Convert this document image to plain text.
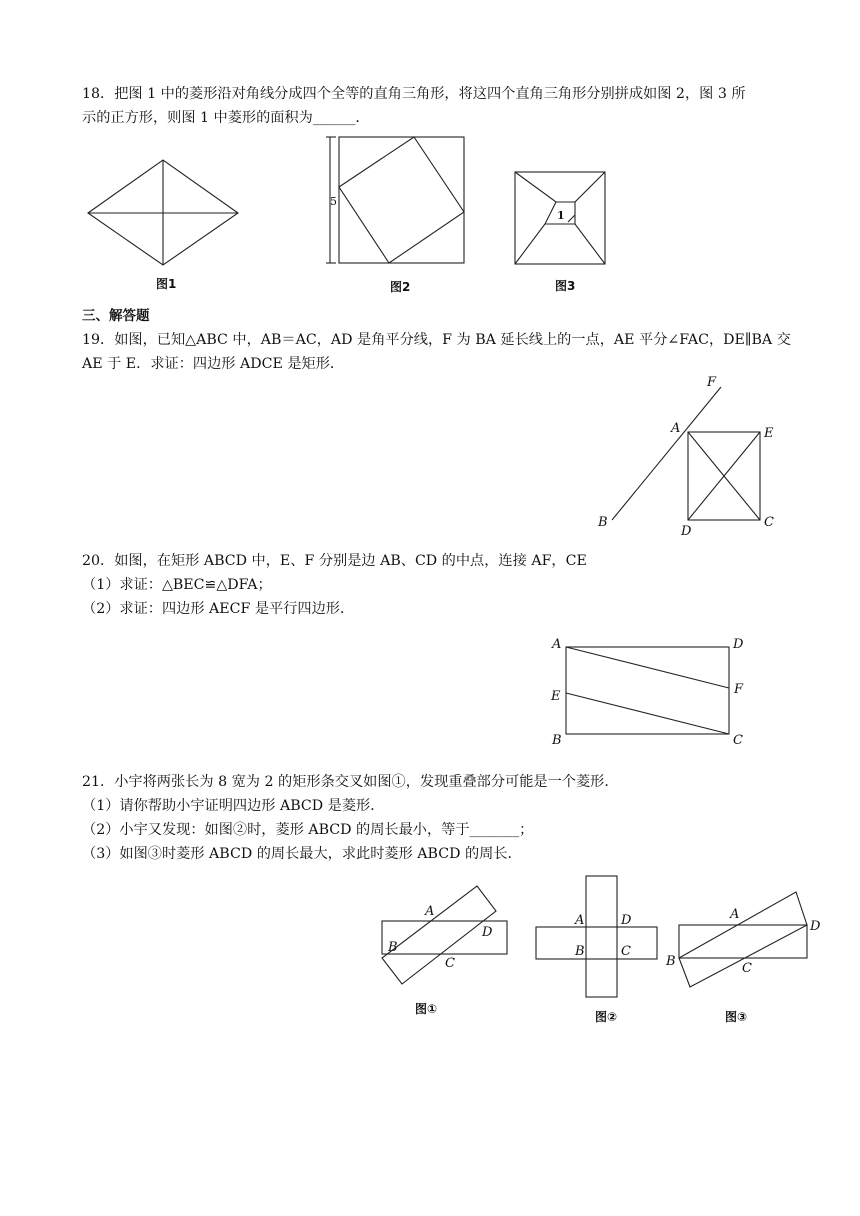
18．把图 1 中的菱形沿对角线分成四个全等的直角三角形，将这四个直角三角形分别拼成如图 2，图 3 所
示的正方形，则图 1 中菱形的面积为______．
图1
5
图2
1
图3
三、解答题
19．如图，已知△ABC 中，AB＝AC，AD 是角平分线，F 为 BA 延长线上的一点，AE 平分∠FAC，DE∥BA 交
AE 于 E．求证：四边形 ADCE 是矩形．
F
A	E
B
D
C
20．如图，在矩形 ABCD 中，E、F 分别是边 AB、CD 的中点，连接 AF，CE
（1）求证：△BEC≌△DFA；
（2）求证：四边形 AECF 是平行四边形．
A	D
F
E
B	C
21．小宇将两张长为 8 宽为 2 的矩形条交叉如图①，发现重叠部分可能是一个菱形．
（1）请你帮助小宇证明四边形 ABCD 是菱形．
（2）小宇又发现：如图②时，菱形 ABCD 的周长最小，等于_______；
（3）如图③时菱形 ABCD 的周长最大，求此时菱形 ABCD 的周长．
A
B
C
D
图①
A	D
B	C
图②
A
D
B	C
图③
